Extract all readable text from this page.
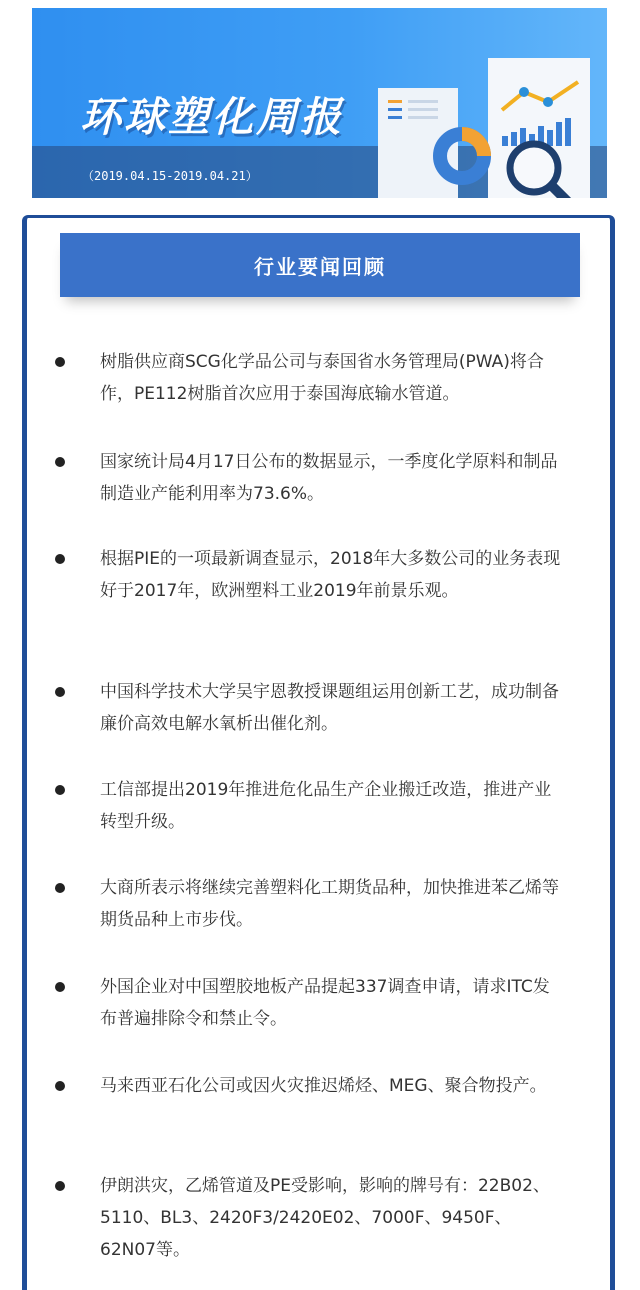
环球塑化周报
（2019.04.15-2019.04.21）
行业要闻回顾
树脂供应商SCG化学品公司与泰国省水务管理局(PWA)将合作，PE112树脂首次应用于泰国海底输水管道。
国家统计局4月17日公布的数据显示，一季度化学原料和制品制造业产能利用率为73.6%。
根据PIE的一项最新调查显示，2018年大多数公司的业务表现好于2017年，欧洲塑料工业2019年前景乐观。
中国科学技术大学吴宇恩教授课题组运用创新工艺，成功制备廉价高效电解水氧析出催化剂。
工信部提出2019年推进危化品生产企业搬迁改造，推进产业转型升级。
大商所表示将继续完善塑料化工期货品种，加快推进苯乙烯等期货品种上市步伐。
外国企业对中国塑胶地板产品提起337调查申请，请求ITC发布普遍排除令和禁止令。
马来西亚石化公司或因火灾推迟烯烃、MEG、聚合物投产。
伊朗洪灾，乙烯管道及PE受影响，影响的牌号有：22B02、5110、BL3、2420F3/2420E02、7000F、9450F、62N07等。
